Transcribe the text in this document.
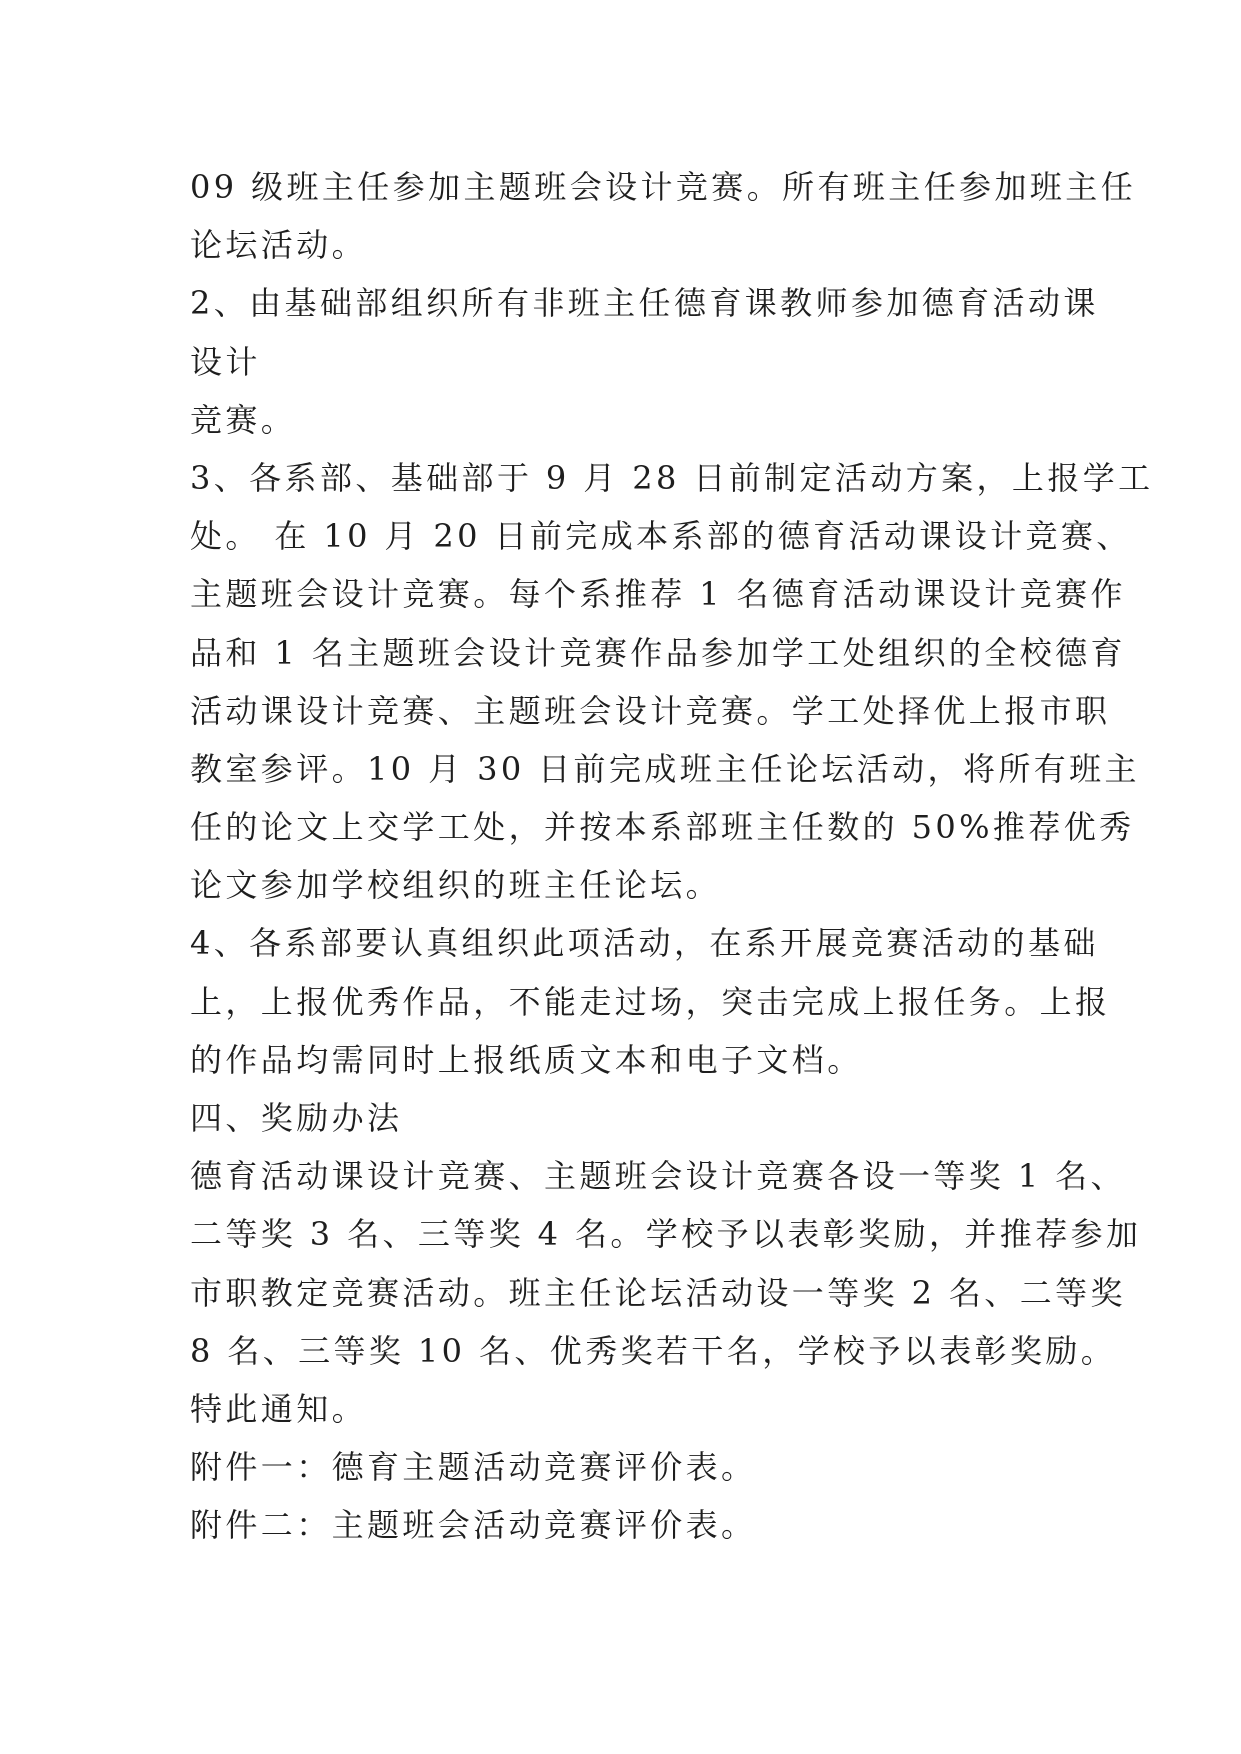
09 级班主任参加主题班会设计竞赛。所有班主任参加班主任
论坛活动。
2、由基础部组织所有非班主任德育课教师参加德育活动课
设计
竞赛。
3、各系部、基础部于 9 月 28 日前制定活动方案，上报学工
处。 在 10 月 20 日前完成本系部的德育活动课设计竞赛、
主题班会设计竞赛。每个系推荐 1 名德育活动课设计竞赛作
品和 1 名主题班会设计竞赛作品参加学工处组织的全校德育
活动课设计竞赛、主题班会设计竞赛。学工处择优上报市职
教室参评。10 月 30 日前完成班主任论坛活动，将所有班主
任的论文上交学工处，并按本系部班主任数的 50%推荐优秀
论文参加学校组织的班主任论坛。
4、各系部要认真组织此项活动，在系开展竞赛活动的基础
上，上报优秀作品，不能走过场，突击完成上报任务。上报
的作品均需同时上报纸质文本和电子文档。
四、奖励办法
德育活动课设计竞赛、主题班会设计竞赛各设一等奖 1 名、
二等奖 3 名、三等奖 4 名。学校予以表彰奖励，并推荐参加
市职教定竞赛活动。班主任论坛活动设一等奖 2 名、二等奖
8 名、三等奖 10 名、优秀奖若干名，学校予以表彰奖励。
特此通知。
附件一：德育主题活动竞赛评价表。
附件二：主题班会活动竞赛评价表。
